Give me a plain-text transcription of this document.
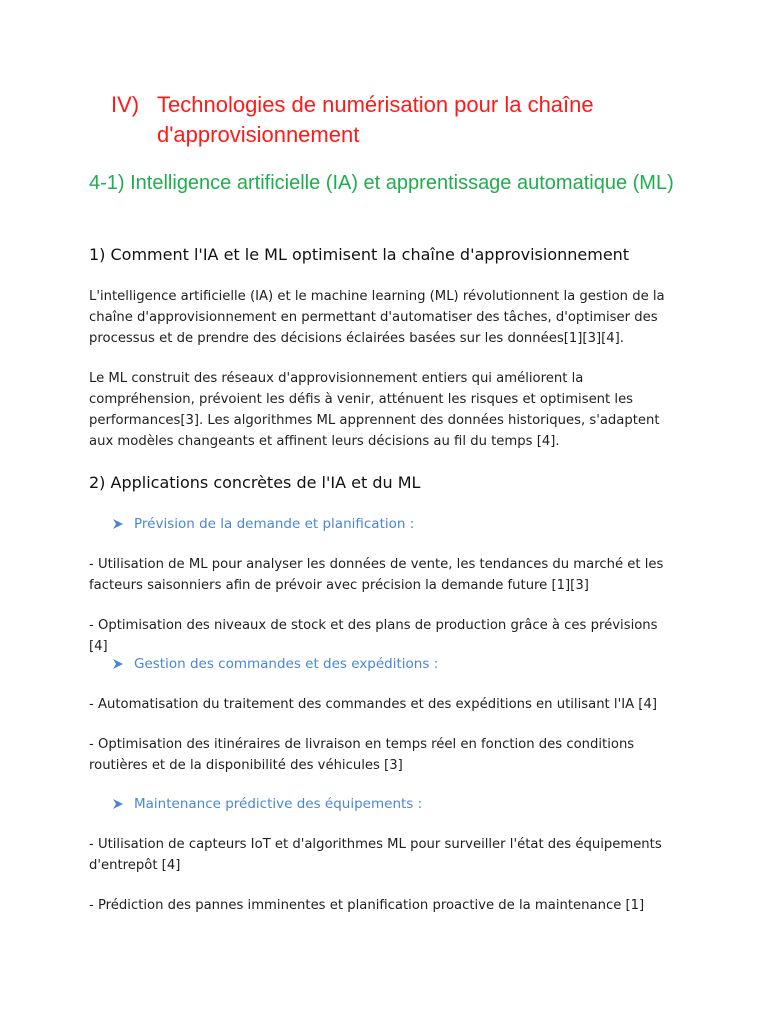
IV) Technologies de numérisation pour la chaîne d'approvisionnement
4-1) Intelligence artificielle (IA) et apprentissage automatique (ML)
1) Comment l'IA et le ML optimisent la chaîne d'approvisionnement
L'intelligence artificielle (IA) et le machine learning (ML) révolutionnent la gestion de la chaîne d'approvisionnement en permettant d'automatiser des tâches, d'optimiser des processus et de prendre des décisions éclairées basées sur les données[1][3][4].
Le ML construit des réseaux d'approvisionnement entiers qui améliorent la compréhension, prévoient les défis à venir, atténuent les risques et optimisent les performances[3]. Les algorithmes ML apprennent des données historiques, s'adaptent aux modèles changeants et affinent leurs décisions au fil du temps [4].
2) Applications concrètes de l'IA et du ML
Prévision de la demande et planification :
- Utilisation de ML pour analyser les données de vente, les tendances du marché et les facteurs saisonniers afin de prévoir avec précision la demande future [1][3]
- Optimisation des niveaux de stock et des plans de production grâce à ces prévisions [4]
Gestion des commandes et des expéditions :
- Automatisation du traitement des commandes et des expéditions en utilisant l'IA [4]
- Optimisation des itinéraires de livraison en temps réel en fonction des conditions routières et de la disponibilité des véhicules [3]
Maintenance prédictive des équipements :
- Utilisation de capteurs IoT et d'algorithmes ML pour surveiller l'état des équipements d'entrepôt [4]
- Prédiction des pannes imminentes et planification proactive de la maintenance [1]
